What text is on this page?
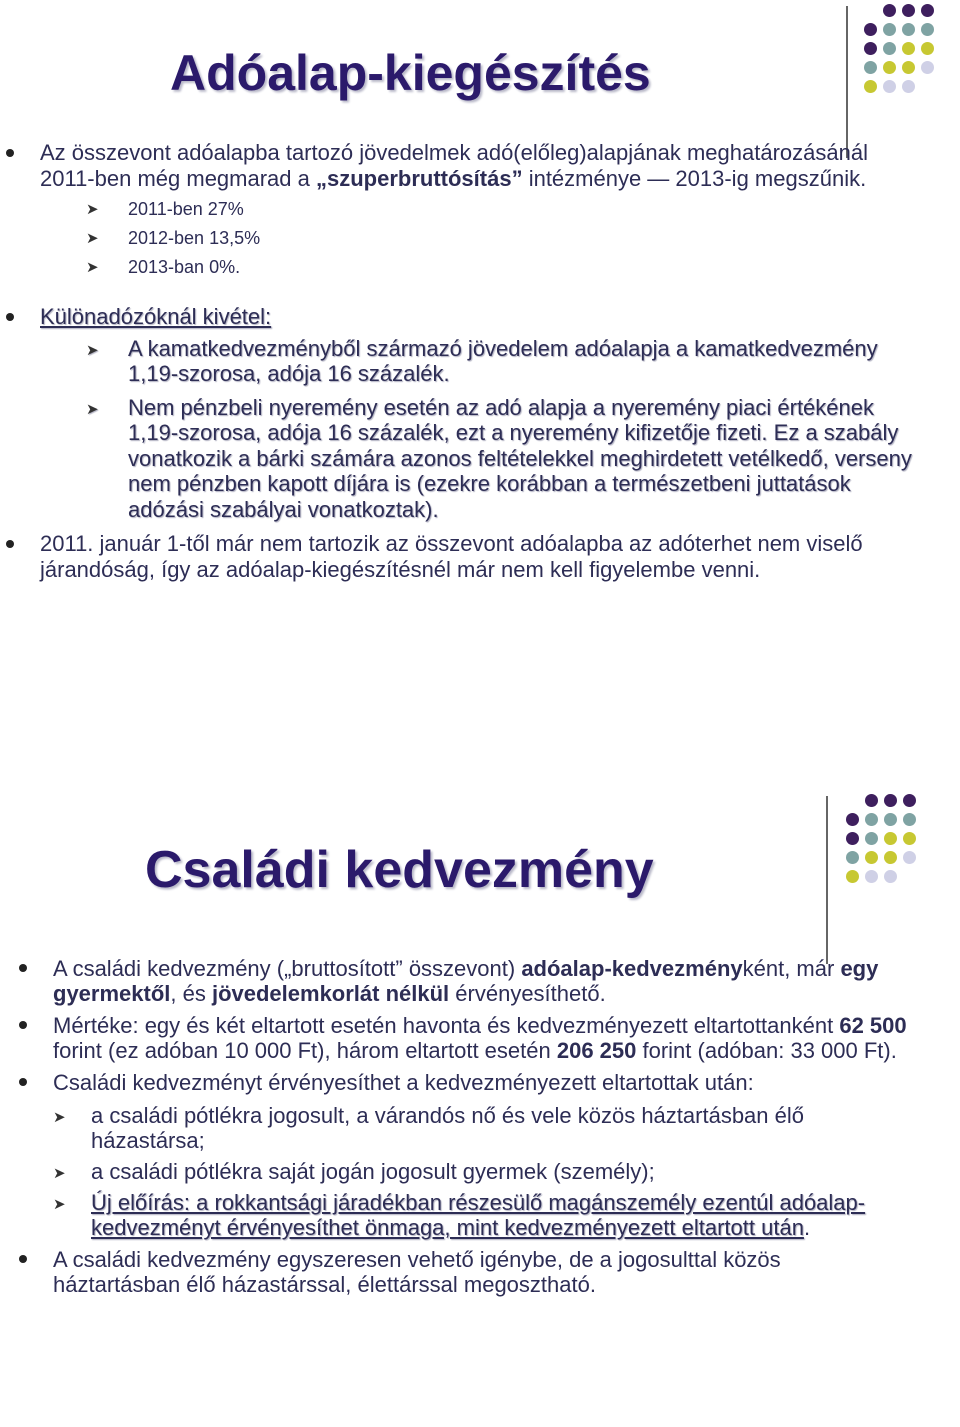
Adóalap-kiegészítés
Az összevont adóalapba tartozó jövedelmek adó(előleg)alapjának meghatározásánál 2011-ben még megmarad a „szuperbruttósítás” intézménye ― 2013-ig megszűnik.
➤ 2011-ben 27%
➤ 2012-ben 13,5%
➤ 2013-ban 0%.
Különadózóknál kivétel:
➤ A kamatkedvezményből származó jövedelem adóalapja a kamatkedvezmény 1,19-szorosa, adója 16 százalék.
➤ Nem pénzbeli nyeremény esetén az adó alapja a nyeremény piaci értékének 1,19-szorosa, adója 16 százalék, ezt a nyeremény kifizetője fizeti. Ez a szabály vonatkozik a bárki számára azonos feltételekkel meghirdetett vetélkedő, verseny nem pénzben kapott díjára is (ezekre korábban a természetbeni juttatások adózási szabályai vonatkoztak).
2011. január 1-től már nem tartozik az összevont adóalapba az adóterhet nem viselő járandóság, így az adóalap-kiegészítésnél már nem kell figyelembe venni.
Családi kedvezmény
A családi kedvezmény („bruttosított” összevont) adóalap-kedvezményként, már egy gyermektől, és jövedelemkorlát nélkül érvényesíthető.
Mértéke: egy és két eltartott esetén havonta és kedvezményezett eltartottanként 62 500 forint (ez adóban 10 000 Ft), három eltartott esetén 206 250 forint (adóban: 33 000 Ft).
Családi kedvezményt érvényesíthet a kedvezményezett eltartottak után:
➤ a családi pótlékra jogosult, a várandós nő és vele közös háztartásban élő házastársa;
➤ a családi pótlékra saját jogán jogosult gyermek (személy);
➤ Új előírás: a rokkantsági járadékban részesülő magánszemély ezentúl adóalap-kedvezményt érvényesíthet önmaga, mint kedvezményezett eltartott után.
A családi kedvezmény egyszeresen vehető igénybe, de a jogosulttal közös háztartásban élő házastárssal, élettárssal megosztható.
